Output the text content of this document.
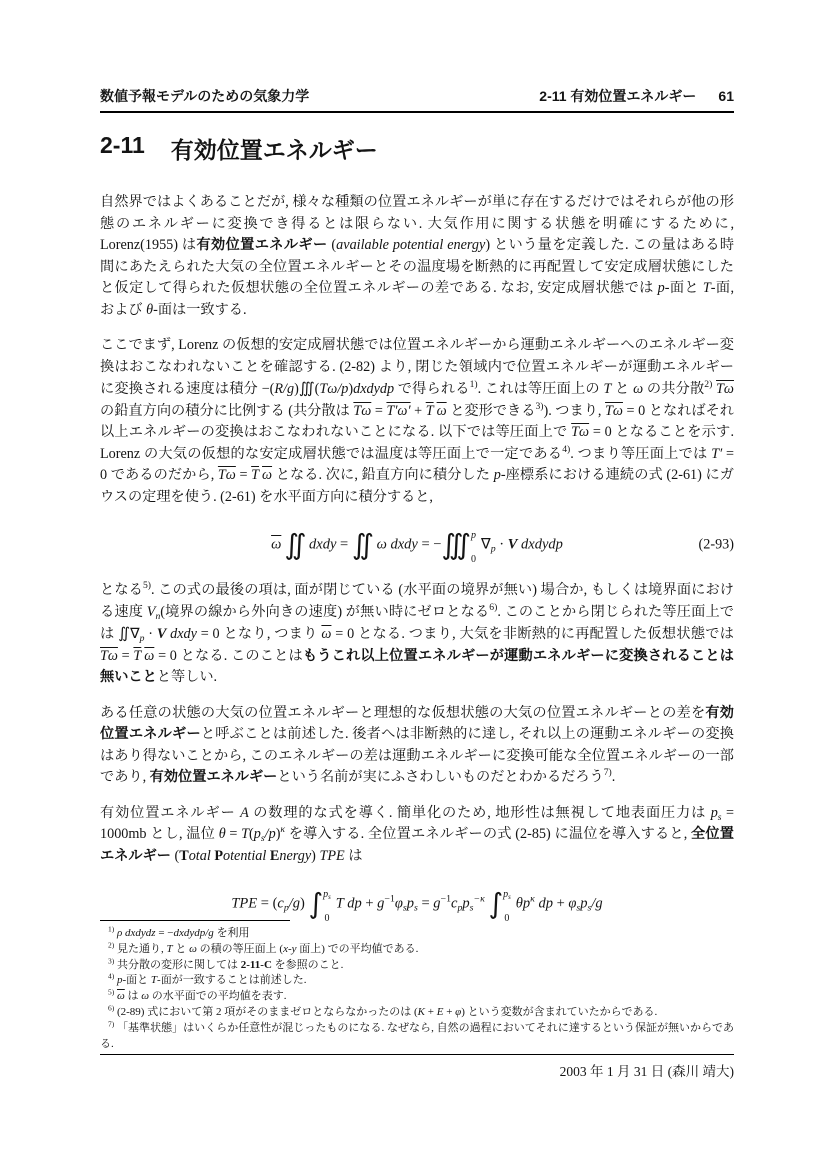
数値予報モデルのための気象力学	2-11 有効位置エネルギー 61
2-11 有効位置エネルギー
自然界ではよくあることだが, 様々な種類の位置エネルギーが単に存在するだけではそれらが他の形態のエネルギーに変換でき得るとは限らない. 大気作用に関する状態を明確にするために, Lorenz(1955) は有効位置エネルギー (available potential energy) という量を定義した. この量はある時間にあたえられた大気の全位置エネルギーとその温度場を断熱的に再配置して安定成層状態にしたと仮定して得られた仮想状態の全位置エネルギーの差である. なお, 安定成層状態では p-面と T-面, および θ-面は一致する.
ここでまず, Lorenz の仮想的安定成層状態では位置エネルギーから運動エネルギーへのエネルギー変換はおこなわれないことを確認する. (2-82) より, 閉じた領域内で位置エネルギーが運動エネルギーに変換される速度は積分 −(R/g)∭(Tω/p)dxdydp で得られる$^{1)}$. これは等圧面上の T と ω の共分散$^{2)}$ $\overline{T\omega}$ の鉛直方向の積分に比例する (共分散は $\overline{T\omega} = T'\omega' + \overline{T}$ $\overline{\omega}$ と変形できる$^{3)}$). つまり, $\overline{T\omega} = 0$ となればそれ以上エネルギーの変換はおこなわれないことになる. 以下では等圧面上で $\overline{T\omega} = 0$ となることを示す. Lorenz の大気の仮想的な安定成層状態では温度は等圧面上で一定である$^{4)}$. つまり等圧面上では T′ = 0 であるのだから, $\overline{T\omega} = \overline{T}$ $\overline{\omega}$ となる. 次に, 鉛直方向に積分した p-座標系における連続の式 (2-61) にガウスの定理を使う. (2-61) を水平面方向に積分すると,
$\overline{\omega}$ ∬ dxdy = ∬ ω dxdy = −∭ p
0
$\nabla_p \cdot V$ dxdydp	(2-93)
となる$^{5)}$. この式の最後の項は, 面が閉じている (水平面の境界が無い) 場合か, もしくは境界面における速度 $V_n$(境界の線から外向きの速度) が無い時にゼロとなる$^{6)}$. このことから閉じられた等圧面上では $∬\nabla_p \cdot V$ dxdy = 0 となり, つまり $\overline{\omega} = 0$ となる. つまり, 大気を非断熱的に再配置した仮想状態では $\overline{T\omega} = \overline{T}$ $\overline{\omega} = 0$ となる. このことはもうこれ以上位置エネルギーが運動エネルギーに変換されることは無いことと等しい.
ある任意の状態の大気の位置エネルギーと理想的な仮想状態の大気の位置エネルギーとの差を有効位置エネルギーと呼ぶことは前述した. 後者へは非断熱的に達し, それ以上の運動エネルギーの変換はあり得ないことから, このエネルギーの差は運動エネルギーに変換可能な全位置エネルギーの一部であり, 有効位置エネルギーという名前が実にふさわしいものだとわかるだろう$^{7)}$.
有効位置エネルギー A の数理的な式を導く. 簡単化のため, 地形性は無視して地表面圧力は $p_s = 1000mb$ とし, 温位 $\theta = T(p_s/p)^\kappa$ を導入する. 全位置エネルギーの式 (2-85) に温位を導入すると, 全位置エネルギー (Total Potential Energy) TPE は
TPE = $(c_p/g)$ ∫ $p_s$
0
T dp + $g^{-1}\varphi_sp_s = g^{-1}c_pp_s^{-\kappa}$ ∫ $p_s$
0
$\theta p^\kappa$ dp + $\varphi_sp_s/g$
$^{1)}$ ρ dxdydz = −dxdydp/g を利用
$^{2)}$ 見た通り, T と ω の積の等圧面上 (x-y 面上) での平均値である.
$^{3)}$ 共分散の変形に関しては 2-11-C を参照のこと.
$^{4)}$ p-面と T-面が一致することは前述した.
$^{5)}$ $\overline{\omega}$ は ω の水平面での平均値を表す.
$^{6)}$ (2-89) 式において第 2 項がそのままゼロとならなかったのは (K + E + φ) という変数が含まれていたからである.
$^{7)}$ 「基準状態」はいくらか任意性が混じったものになる. なぜなら, 自然の過程においてそれに達するという保証が無いからである.
2003 年 1 月 31 日 (森川 靖大)
